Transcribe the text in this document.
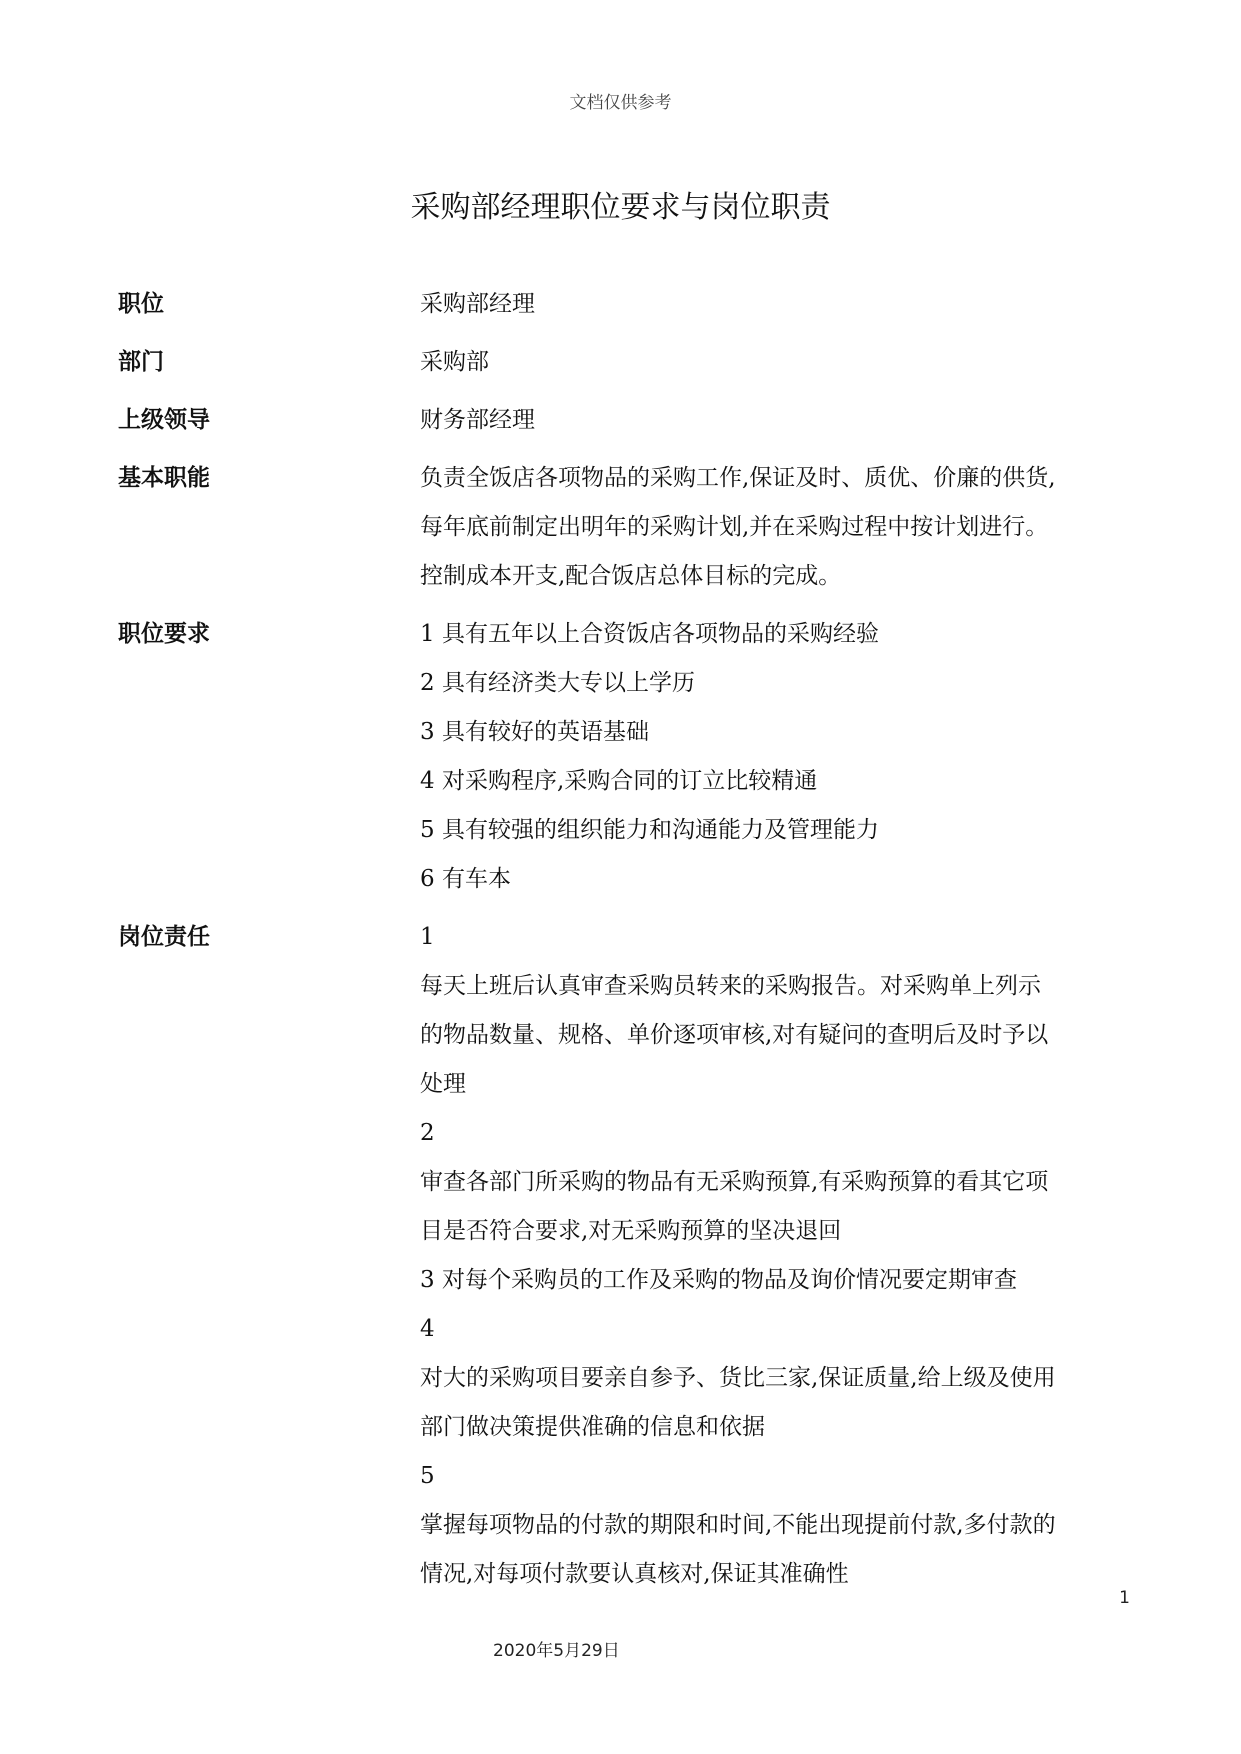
文档仅供参考
采购部经理职位要求与岗位职责
职位	采购部经理
部门	采购部
上级领导	财务部经理
基本职能	负责全饭店各项物品的采购工作,保证及时、质优、价廉的供货,
每年底前制定出明年的采购计划,并在采购过程中按计划进行。
控制成本开支,配合饭店总体目标的完成。
职位要求	1 具有五年以上合资饭店各项物品的采购经验
2 具有经济类大专以上学历
3 具有较好的英语基础
4 对采购程序,采购合同的订立比较精通
5 具有较强的组织能力和沟通能力及管理能力
6 有车本
岗位责任	1
每天上班后认真审查采购员转来的采购报告。对采购单上列示
的物品数量、规格、单价逐项审核,对有疑问的查明后及时予以
处理
2
审查各部门所采购的物品有无采购预算,有采购预算的看其它项
目是否符合要求,对无采购预算的坚决退回
3 对每个采购员的工作及采购的物品及询价情况要定期审查
4
对大的采购项目要亲自参予、货比三家,保证质量,给上级及使用
部门做决策提供准确的信息和依据
5
掌握每项物品的付款的期限和时间,不能出现提前付款,多付款的
情况,对每项付款要认真核对,保证其准确性
1
2020年5月29日
